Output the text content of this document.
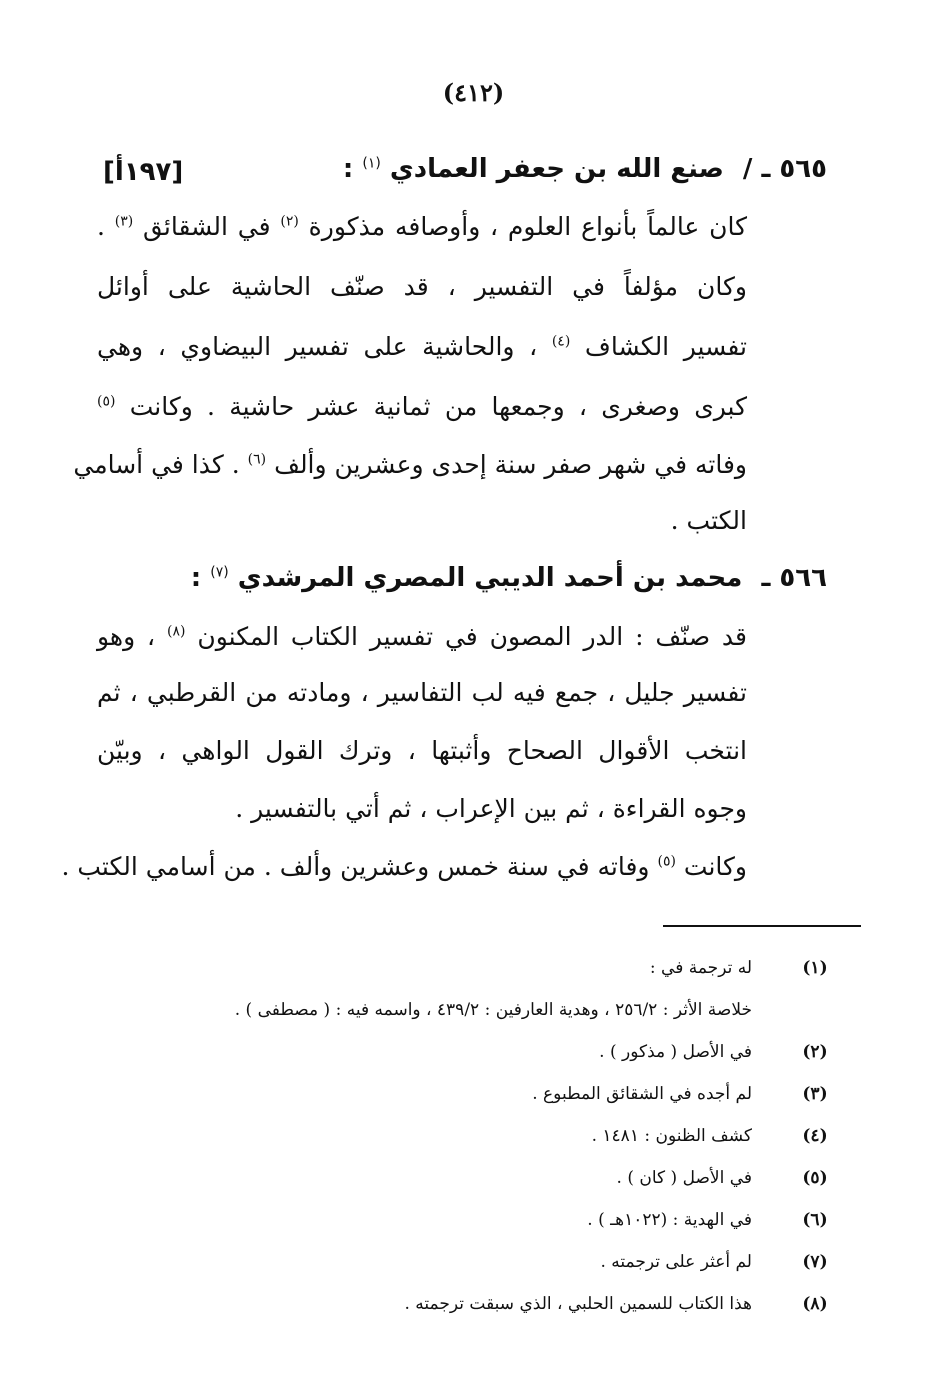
(٤١٢)
٥٦٥ ـ / صنع الله بن جعفر العمادي $^{(١)}$ :
[١٩٧أ]
كان عالماً بأنواع العلوم ، وأوصافه مذكورة $^{(٢)}$ في الشقائق $^{(٣)}$ .
وكان مؤلفاً في التفسير ، قد صنّف الحاشية على أوائل
تفسير الكشاف $^{(٤)}$ ، والحاشية على تفسير البيضاوي ، وهي
كبرى وصغرى ، وجمعها من ثمانية عشر حاشية . وكانت $^{(٥)}$
وفاته في شهر صفر سنة إحدى وعشرين وألف $^{(٦)}$ . كذا في أسامي
الكتب .
٥٦٦ ـ محمد بن أحمد الديبي المصري المرشدي $^{(٧)}$ :
قد صنّف : الدر المصون في تفسير الكتاب المكنون $^{(٨)}$ ، وهو
تفسير جليل ، جمع فيه لب التفاسير ، ومادته من القرطبي ، ثم
انتخب الأقوال الصحاح وأثبتها ، وترك القول الواهي ، وبيّن
وجوه القراءة ، ثم بين الإعراب ، ثم أتي بالتفسير .
وكانت $^{(٥)}$ وفاته في سنة خمس وعشرين وألف . من أسامي الكتب .
(١)
له ترجمة في :
خلاصة الأثر : ٢٥٦/٢ ، وهدية العارفين : ٤٣٩/٢ ، واسمه فيه : ( مصطفى ) .
(٢)
في الأصل ( مذكور ) .
(٣)
لم أجده في الشقائق المطبوع .
(٤)
كشف الظنون : ١٤٨١ .
(٥)
في الأصل ( كان ) .
(٦)
في الهدية : (١٠٢٢هـ ) .
(٧)
لم أعثر على ترجمته .
(٨)
هذا الكتاب للسمين الحلبي ، الذي سبقت ترجمته .
